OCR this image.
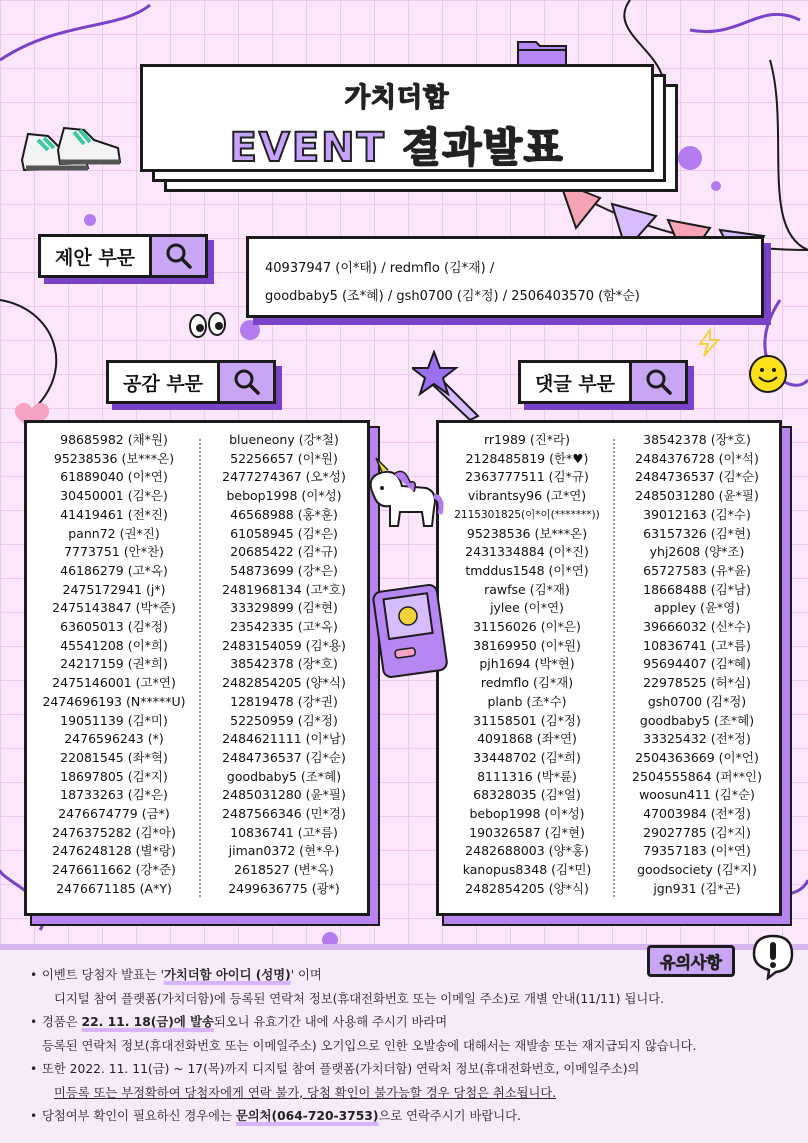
가치더함
EVENT 결과발표
제안 부문	40937947 (이*태) / redmflo (김*재) /
goodbaby5 (조*혜) / gsh0700 (김*정) / 2506403570 (함*순)
공감 부문	댓글 부문
98685982 (채*원)
95238536 (보***온)
61889040 (이*연)
30450001 (김*은)
41419461 (전*진)
pann72 (권*진)
7773751 (안*찬)
46186279 (고*옥)
2475172941 (j*)
2475143847 (박*준)
63605013 (김*정)
45541208 (이*희)
24217159 (권*희)
2475146001 (고*연)
2474696193 (N*****U)
19051139 (김*미)
2476596243 (*)
22081545 (좌*혁)
18697805 (김*지)
18733263 (김*은)
2476674779 (금*)
2476375282 (김*아)
2476248128 (별*랑)
2476611662 (강*준)
2476671185 (A*Y)
blueneony (강*철)
52256657 (이*원)
2477274367 (오*성)
bebop1998 (이*성)
46568988 (홍*훈)
61058945 (김*은)
20685422 (김*규)
54873699 (강*은)
2481968134 (고*호)
33329899 (김*현)
23542335 (고*옥)
2483154059 (김*용)
38542378 (장*호)
2482854205 (양*식)
12819478 (강*권)
52250959 (김*정)
2484621111 (이*남)
2484736537 (김*순)
goodbaby5 (조*혜)
2485031280 (윤*필)
2487566346 (민*경)
10836741 (고*름)
jiman0372 (현*우)
2618527 (변*옥)
2499636775 (광*)
rr1989 (진*라)
2128485819 (한*♥)
2363777511 (김*규)
vibrantsy96 (고*연)
2115301825(이*이(*******))
95238536 (보***온)
2431334884 (이*진)
tmddus1548 (이*연)
rawfse (김*재)
jylee (이*연)
31156026 (이*은)
38169950 (이*원)
pjh1694 (박*현)
redmflo (김*재)
planb (조*수)
31158501 (김*정)
4091868 (좌*연)
33448702 (김*희)
8111316 (박*륜)
68328035 (김*얼)
bebop1998 (이*성)
190326587 (김*현)
2482688003 (양*홍)
kanopus8348 (김*민)
2482854205 (양*식)
38542378 (장*호)
2484376728 (이*석)
2484736537 (김*순)
2485031280 (윤*필)
39012163 (김*수)
63157326 (김*현)
yhj2608 (양*조)
65727583 (유*윤)
18668488 (김*남)
appley (윤*영)
39666032 (신*수)
10836741 (고*름)
95694407 (김*혜)
22978525 (허*심)
gsh0700 (김*정)
goodbaby5 (조*혜)
33325432 (전*정)
2504363669 (이*언)
2504555864 (퍼**인)
woosun411 (김*순)
47003984 (전*정)
29027785 (김*지)
79357183 (이*연)
goodsociety (김*지)
jgn931 (김*곤)
유의사항
• 이벤트 당첨자 발표는 '가치더함 아이디 (성명)' 이며
디지털 참여 플랫폼(가치더함)에 등록된 연락처 정보(휴대전화번호 또는 이메일 주소)로 개별 안내(11/11) 됩니다.
• 경품은 22. 11. 18(금)에 발송되오니 유효기간 내에 사용해 주시기 바라며
등록된 연락처 정보(휴대전화번호 또는 이메일주소) 오기입으로 인한 오발송에 대해서는 재발송 또는 재지급되지 않습니다.
• 또한 2022. 11. 11(금) ~ 17(목)까지 디지털 참여 플랫폼(가치더함) 연락처 정보(휴대전화번호, 이메일주소)의
미등록 또는 부정확하여 당첨자에게 연락 불가, 당첨 확인이 불가능할 경우 당첨은 취소됩니다.
• 당첨여부 확인이 필요하신 경우에는 문의처(064-720-3753)으로 연락주시기 바랍니다.
